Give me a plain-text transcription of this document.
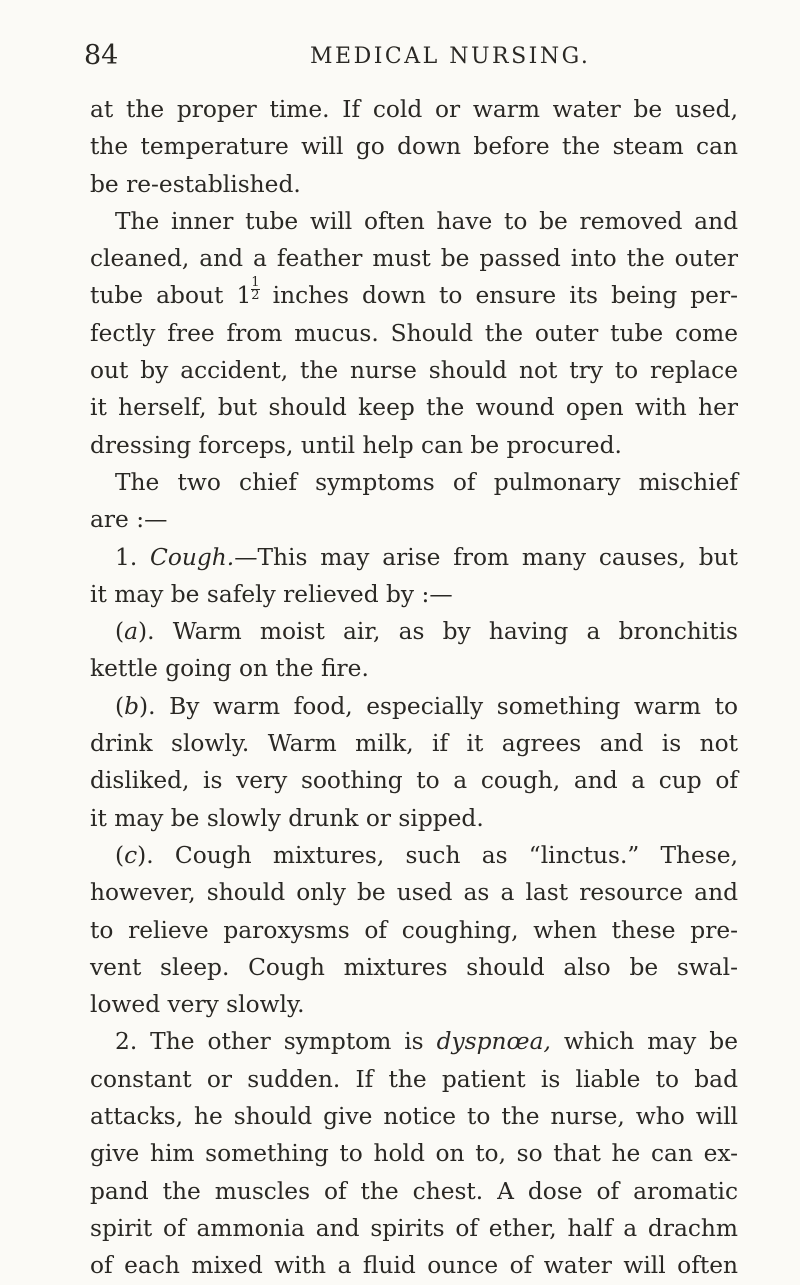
84	MEDICAL NURSING.
at the proper time. If cold or warm water be used,
the temperature will go down before the steam can
be re-established.
The inner tube will often have to be removed and
cleaned, and a feather must be passed into the outer
tube about $1 \frac{1}{2}$ inches down to ensure its being per-
fectly free from mucus. Should the outer tube come
out by accident, the nurse should not try to replace
it herself, but should keep the wound open with her
dressing forceps, until help can be procured.
The two chief symptoms of pulmonary mischief
are :—
1. Cough.—This may arise from many causes, but
it may be safely relieved by :—
(a). Warm moist air, as by having a bronchitis
kettle going on the fire.
(b). By warm food, especially something warm to
drink slowly. Warm milk, if it agrees and is not
disliked, is very soothing to a cough, and a cup of
it may be slowly drunk or sipped.
(c). Cough mixtures, such as “linctus.” These,
however, should only be used as a last resource and
to relieve paroxysms of coughing, when these pre-
vent sleep. Cough mixtures should also be swal-
lowed very slowly.
2. The other symptom is dyspnœa, which may be
constant or sudden. If the patient is liable to bad
attacks, he should give notice to the nurse, who will
give him something to hold on to, so that he can ex-
pand the muscles of the chest. A dose of aromatic
spirit of ammonia and spirits of ether, half a drachm
of each mixed with a fluid ounce of water will often
